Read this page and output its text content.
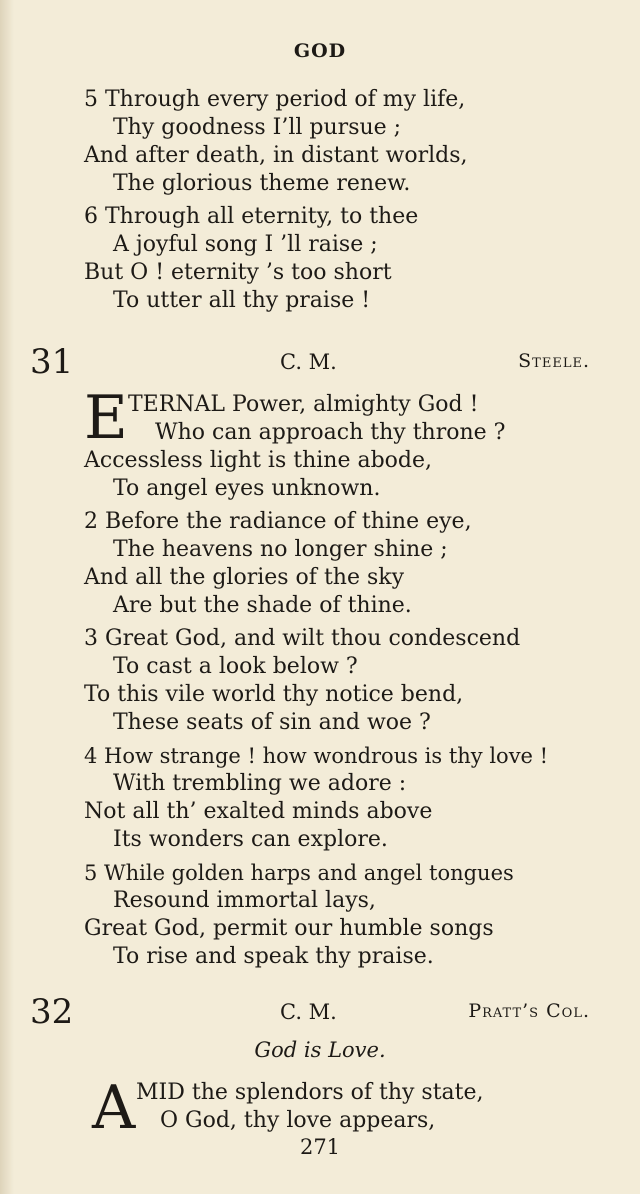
GOD
5 Through every period of my life,
Thy goodness I’ll pursue ;
And after death, in distant worlds,
The glorious theme renew.
6 Through all eternity, to thee
A joyful song I ’ll raise ;
But O ! eternity ’s too short
To utter all thy praise !
31	C. M.	Steele.
E TERNAL Power, almighty God !
Who can approach thy throne ?
Accessless light is thine abode,
To angel eyes unknown.
2 Before the radiance of thine eye,
The heavens no longer shine ;
And all the glories of the sky
Are but the shade of thine.
3 Great God, and wilt thou condescend
To cast a look below ?
To this vile world thy notice bend,
These seats of sin and woe ?
4 How strange ! how wondrous is thy love !
With trembling we adore :
Not all th’ exalted minds above
Its wonders can explore.
5 While golden harps and angel tongues
Resound immortal lays,
Great God, permit our humble songs
To rise and speak thy praise.
32	C. M.	Pratt’s Col.
God is Love.
A MID the splendors of thy state,
O God, thy love appears,
271
